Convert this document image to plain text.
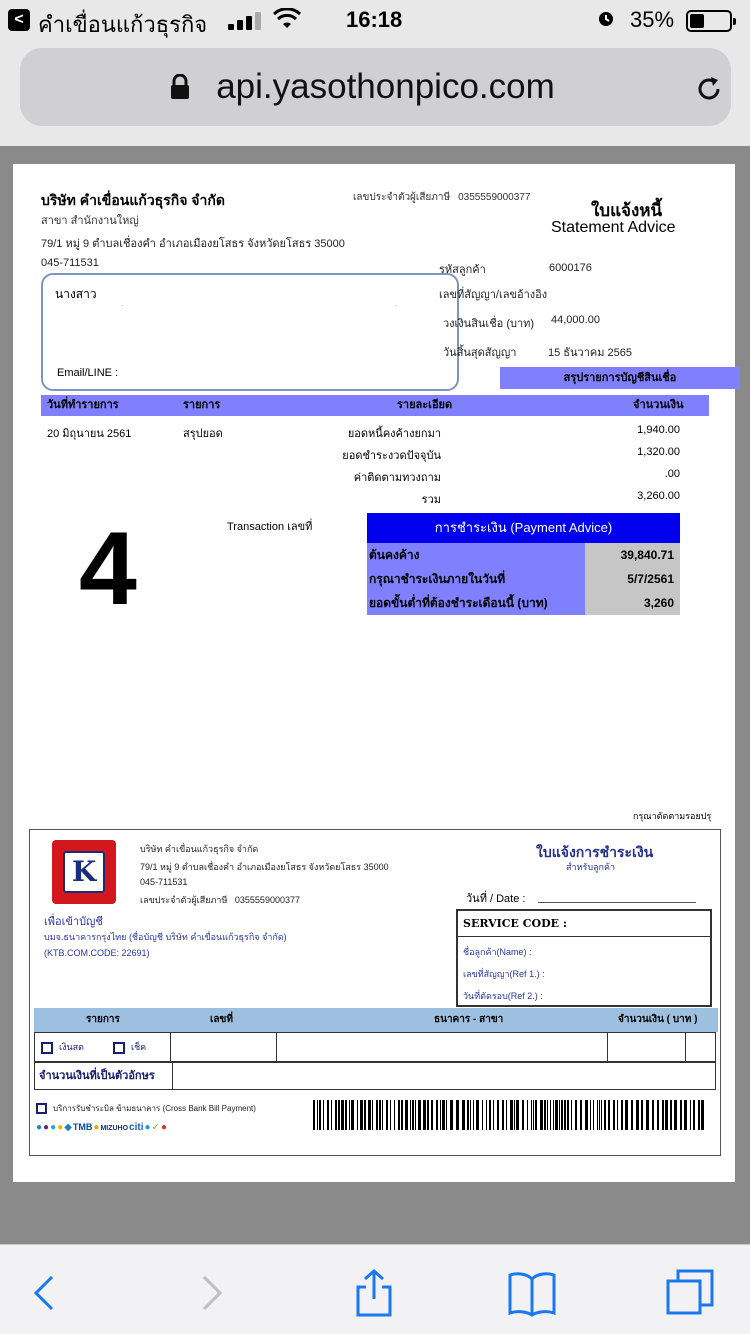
< คำเขื่อนแก้วธุรกิจ	16:18	35%
api.yasothonpico.com
บริษัท คำเขื่อนแก้วธุรกิจ จำกัด
สาขา สำนักงานใหญ่
79/1 หมู่ 9 ตำบลเชื่องคำ อำเภอเมืองยโสธร จังหวัดยโสธร 35000
045-711531
เลขประจำตัวผู้เสียภาษี 0355559000377
ใบแจ้งหนี้
Statement Advice
นางสาว
-	-
Email/LINE :
รหัสลูกค้า	6000176
เลขที่สัญญา/เลขอ้างอิง
วงเงินสินเชื่อ (บาท) 44,000.00
วันสิ้นสุดสัญญา	15 ธันวาคม 2565
สรุปรายการบัญชีสินเชื่อ
วันที่ทำรายการ	รายการ	รายละเอียด	จำนวนเงิน
20 มิถุนายน 2561	สรุปยอด	ยอดหนี้คงค้างยกมา	1,940.00
ยอดชำระงวดปัจจุบัน	1,320.00
ค่าติดตามทวงถาม	.00
รวม	3,260.00
Transaction เลขที่
4	การชำระเงิน (Payment Advice)
ต้นคงค้าง	39,840.71
กรุณาชำระเงินภายในวันที่	5/7/2561
ยอดขั้นต่ำที่ต้องชำระเดือนนี้ (บาท)	3,260
กรุณาตัดตามรอยปรุ
K
บริษัท คำเขื่อนแก้วธุรกิจ จำกัด
79/1 หมู่ 9 ตำบลเชื่องคำ อำเภอเมืองยโสธร จังหวัดยโสธร 35000
045-711531
เลขประจำตัวผู้เสียภาษี 0355559000377
ใบแจ้งการชำระเงิน
สำหรับลูกค้า
วันที่ / Date :
เพื่อเข้าบัญชี
บมจ.ธนาคารกรุงไทย (ชื่อบัญชี บริษัท คำเขื่อนแก้วธุรกิจ จำกัด)
(KTB.COM.CODE: 22691)
SERVICE CODE :
ชื่อลูกค้า(Name) :
เลขที่สัญญา(Ref 1.) :
วันที่ตัดรอบ(Ref 2.) :
รายการ	เลขที่	ธนาคาร - สาขา	จำนวนเงิน ( บาท )
เงินสด	เช็ค
จำนวนเงินที่เป็นตัวอักษร
บริการรับชำระบิล ข้ามธนาคาร (Cross Bank Bill Payment)
●●●●◆TMB●MIZUHOciti●✓●
